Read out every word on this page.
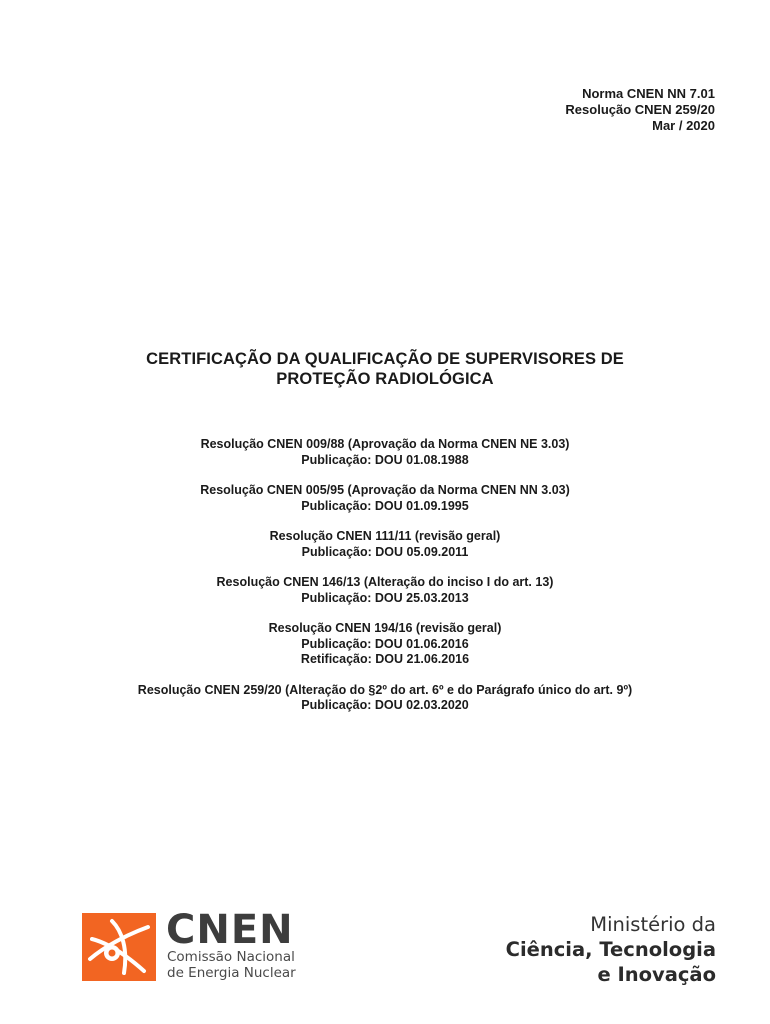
Norma CNEN NN 7.01
Resolução CNEN 259/20
Mar / 2020
CERTIFICAÇÃO DA QUALIFICAÇÃO DE SUPERVISORES DE
PROTEÇÃO RADIOLÓGICA
Resolução CNEN 009/88 (Aprovação da Norma CNEN NE 3.03)
Publicação: DOU 01.08.1988
Resolução CNEN 005/95 (Aprovação da Norma CNEN NN 3.03)
Publicação: DOU 01.09.1995
Resolução CNEN 111/11 (revisão geral)
Publicação: DOU 05.09.2011
Resolução CNEN 146/13 (Alteração do inciso I do art. 13)
Publicação: DOU 25.03.2013
Resolução CNEN 194/16 (revisão geral)
Publicação: DOU 01.06.2016
Retificação: DOU 21.06.2016
Resolução CNEN 259/20 (Alteração do §2º do art. 6º e do Parágrafo único do art. 9º)
Publicação: DOU 02.03.2020
CNEN
Comissão Nacional
de Energia Nuclear
Ministério da
Ciência, Tecnologia
e Inovação
